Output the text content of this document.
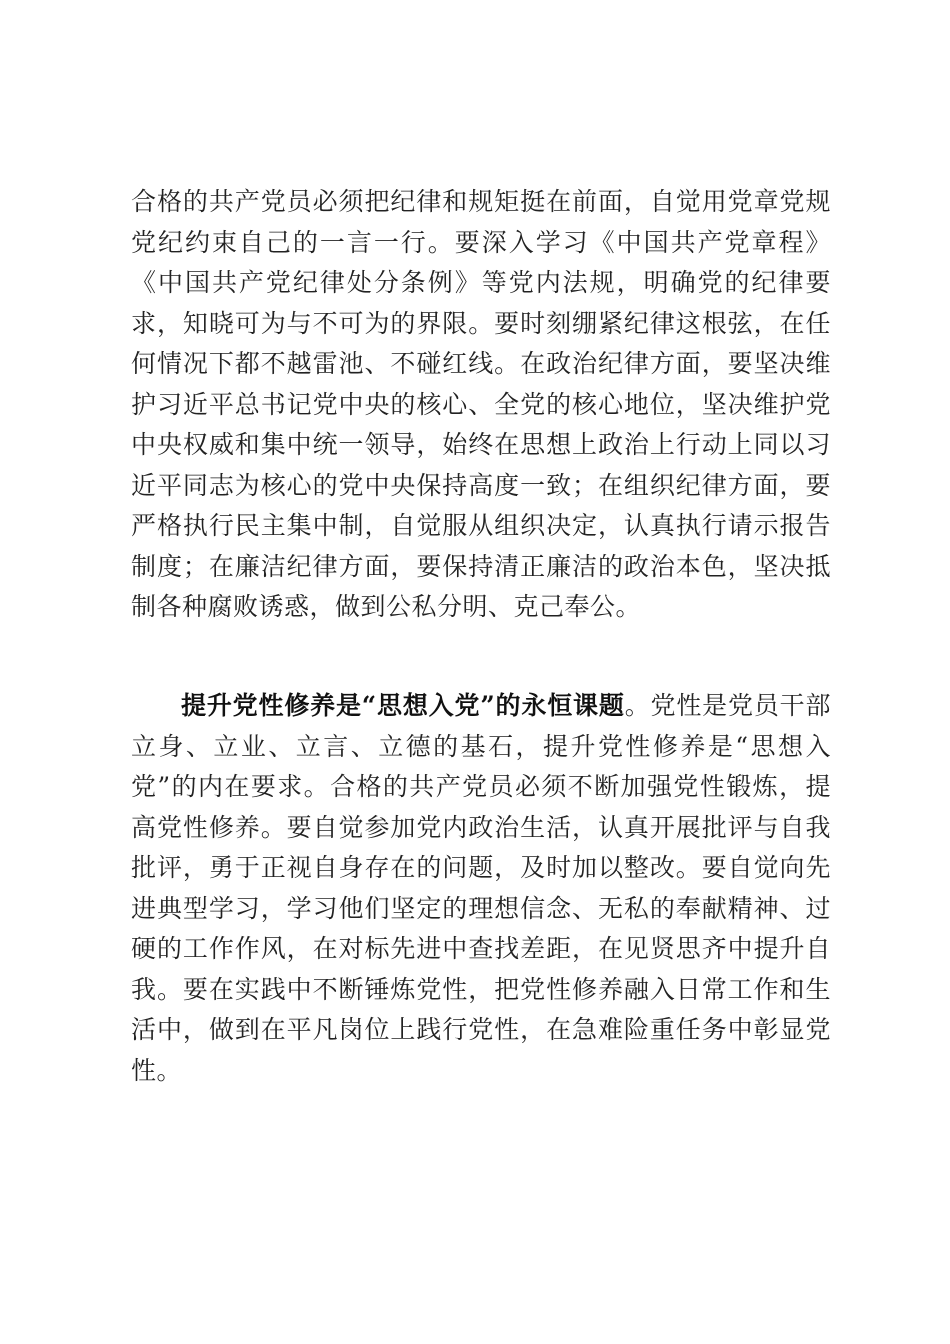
合格的共产党员必须把纪律和规矩挺在前面，自觉用党章党规党纪约束自己的一言一行。要深入学习《中国共产党章程》《中国共产党纪律处分条例》等党内法规，明确党的纪律要求，知晓可为与不可为的界限。要时刻绷紧纪律这根弦，在任何情况下都不越雷池、不碰红线。在政治纪律方面，要坚决维护习近平总书记党中央的核心、全党的核心地位，坚决维护党中央权威和集中统一领导，始终在思想上政治上行动上同以习近平同志为核心的党中央保持高度一致；在组织纪律方面，要严格执行民主集中制，自觉服从组织决定，认真执行请示报告制度；在廉洁纪律方面，要保持清正廉洁的政治本色，坚决抵制各种腐败诱惑，做到公私分明、克己奉公。
提升党性修养是“思想入党”的永恒课题。党性是党员干部立身、立业、立言、立德的基石，提升党性修养是“思想入党”的内在要求。合格的共产党员必须不断加强党性锻炼，提高党性修养。要自觉参加党内政治生活，认真开展批评与自我批评，勇于正视自身存在的问题，及时加以整改。要自觉向先进典型学习，学习他们坚定的理想信念、无私的奉献精神、过硬的工作作风，在对标先进中查找差距，在见贤思齐中提升自我。要在实践中不断锤炼党性，把党性修养融入日常工作和生活中，做到在平凡岗位上践行党性，在急难险重任务中彰显党性。
